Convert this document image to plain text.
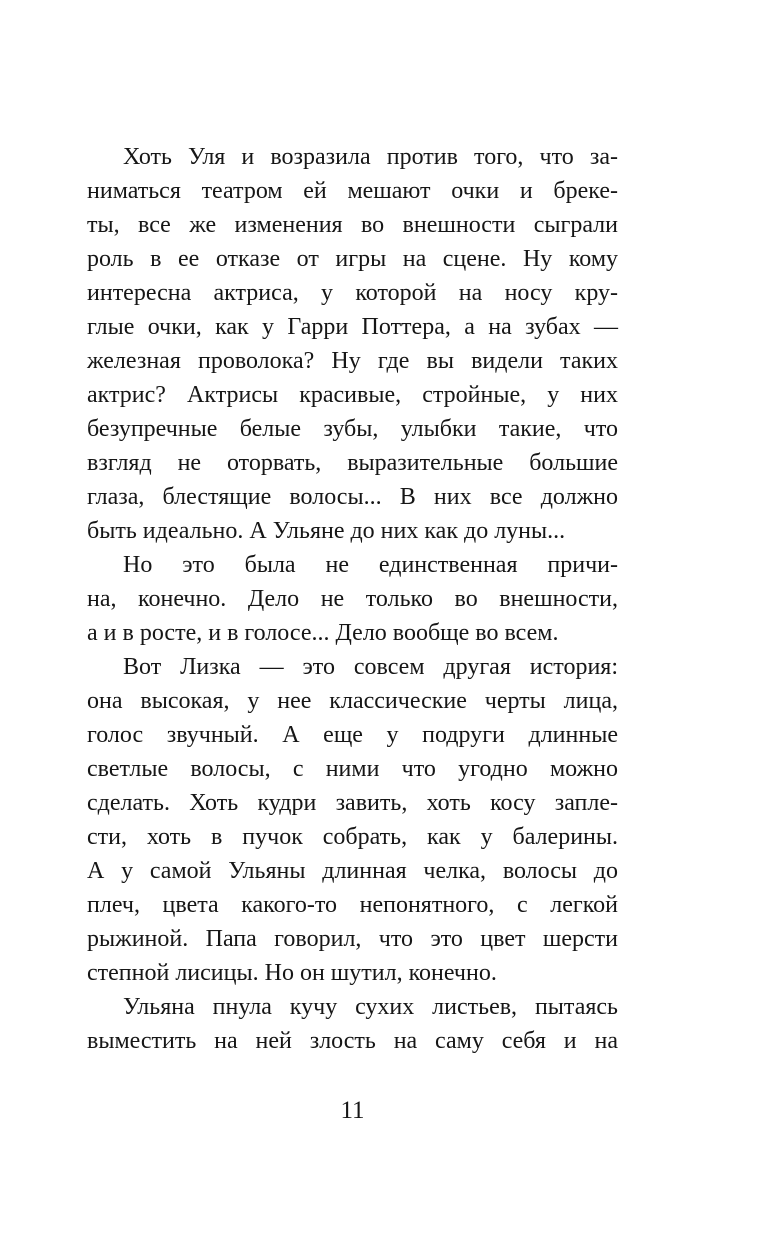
Хоть Уля и возразила против того, что за-
ниматься театром ей мешают очки и бреке-
ты, все же изменения во внешности сыграли
роль в ее отказе от игры на сцене. Ну кому
интересна актриса, у которой на носу кру-
глые очки, как у Гарри Поттера, а на зубах —
железная проволока? Ну где вы видели таких
актрис? Актрисы красивые, стройные, у них
безупречные белые зубы, улыбки такие, что
взгляд не оторвать, выразительные большие
глаза, блестящие волосы... В них все должно
быть идеально. А Ульяне до них как до луны...

Но это была не единственная причи-
на, конечно. Дело не только во внешности,
а и в росте, и в голосе... Дело вообще во всем.

Вот Лизка — это совсем другая история:
она высокая, у нее классические черты лица,
голос звучный. А еще у подруги длинные
светлые волосы, с ними что угодно можно
сделать. Хоть кудри завить, хоть косу запле-
сти, хоть в пучок собрать, как у балерины.
А у самой Ульяны длинная челка, волосы до
плеч, цвета какого-то непонятного, с легкой
рыжиной. Папа говорил, что это цвет шерсти
степной лисицы. Но он шутил, конечно.

Ульяна пнула кучу сухих листьев, пытаясь
выместить на ней злость на саму себя и на

11
